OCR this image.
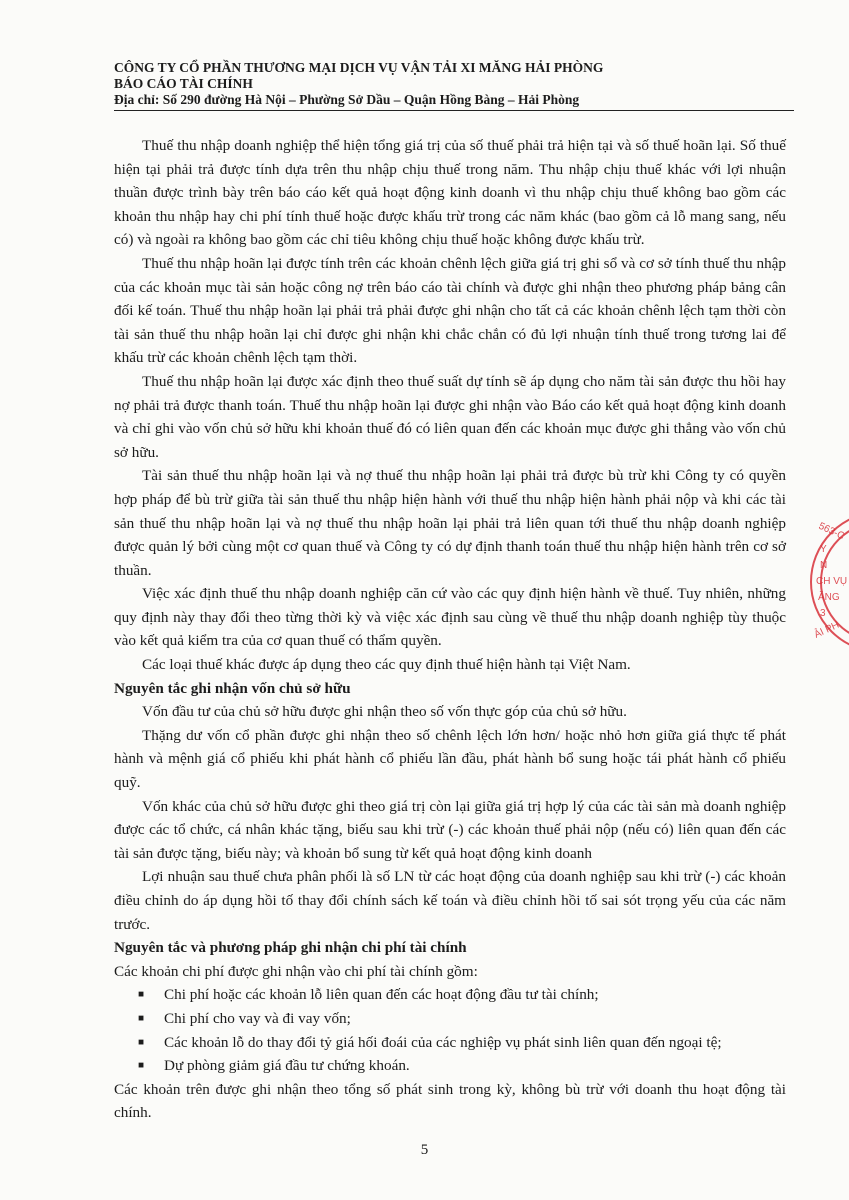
CÔNG TY CỔ PHẦN THƯƠNG MẠI DỊCH VỤ VẬN TẢI XI MĂNG HẢI PHÒNG
BÁO CÁO TÀI CHÍNH
Địa chỉ: Số 290 đường Hà Nội – Phường Sở Dầu – Quận Hồng Bàng – Hải Phòng

Thuế thu nhập doanh nghiệp thể hiện tổng giá trị của số thuế phải trả hiện tại và số thuế hoãn lại. Số thuế hiện tại phải trả được tính dựa trên thu nhập chịu thuế trong năm. Thu nhập chịu thuế khác với lợi nhuận thuần được trình bày trên báo cáo kết quả hoạt động kinh doanh vì thu nhập chịu thuế không bao gồm các khoản thu nhập hay chi phí tính thuế hoặc được khấu trừ trong các năm khác (bao gồm cả lỗ mang sang, nếu có) và ngoài ra không bao gồm các chỉ tiêu không chịu thuế hoặc không được khấu trừ.

Thuế thu nhập hoãn lại được tính trên các khoản chênh lệch giữa giá trị ghi sổ và cơ sở tính thuế thu nhập của các khoản mục tài sản hoặc công nợ trên báo cáo tài chính và được ghi nhận theo phương pháp bảng cân đối kế toán. Thuế thu nhập hoãn lại phải trả phải được ghi nhận cho tất cả các khoản chênh lệch tạm thời còn tài sản thuế thu nhập hoãn lại chỉ được ghi nhận khi chắc chắn có đủ lợi nhuận tính thuế trong tương lai để khấu trừ các khoản chênh lệch tạm thời.

Thuế thu nhập hoãn lại được xác định theo thuế suất dự tính sẽ áp dụng cho năm tài sản được thu hồi hay nợ phải trả được thanh toán. Thuế thu nhập hoãn lại được ghi nhận vào Báo cáo kết quả hoạt động kinh doanh và chỉ ghi vào vốn chủ sở hữu khi khoản thuế đó có liên quan đến các khoản mục được ghi thẳng vào vốn chủ sở hữu.

Tài sản thuế thu nhập hoãn lại và nợ thuế thu nhập hoãn lại phải trả được bù trừ khi Công ty có quyền hợp pháp để bù trừ giữa tài sản thuế thu nhập hiện hành với thuế thu nhập hiện hành phải nộp và khi các tài sản thuế thu nhập hoãn lại và nợ thuế thu nhập hoãn lại phải trả liên quan tới thuế thu nhập doanh nghiệp được quản lý bởi cùng một cơ quan thuế và Công ty có dự định thanh toán thuế thu nhập hiện hành trên cơ sở thuần.

Việc xác định thuế thu nhập doanh nghiệp căn cứ vào các quy định hiện hành về thuế. Tuy nhiên, những quy định này thay đổi theo từng thời kỳ và việc xác định sau cùng về thuế thu nhập doanh nghiệp tùy thuộc vào kết quả kiểm tra của cơ quan thuế có thẩm quyền.

Các loại thuế khác được áp dụng theo các quy định thuế hiện hành tại Việt Nam.

Nguyên tắc ghi nhận vốn chủ sở hữu

Vốn đầu tư của chủ sở hữu được ghi nhận theo số vốn thực góp của chủ sở hữu.

Thặng dư vốn cổ phần được ghi nhận theo số chênh lệch lớn hơn/ hoặc nhỏ hơn giữa giá thực tế phát hành và mệnh giá cổ phiếu khi phát hành cổ phiếu lần đầu, phát hành bổ sung hoặc tái phát hành cổ phiếu quỹ.

Vốn khác của chủ sở hữu được ghi theo giá trị còn lại giữa giá trị hợp lý của các tài sản mà doanh nghiệp được các tổ chức, cá nhân khác tặng, biếu sau khi trừ (-) các khoản thuế phải nộp (nếu có) liên quan đến các tài sản được tặng, biếu này; và khoản bổ sung từ kết quả hoạt động kinh doanh

Lợi nhuận sau thuế chưa phân phối là số LN từ các hoạt động của doanh nghiệp sau khi trừ (-) các khoản điều chỉnh do áp dụng hồi tố thay đổi chính sách kế toán và điều chỉnh hồi tố sai sót trọng yếu của các năm trước.

Nguyên tắc và phương pháp ghi nhận chi phí tài chính

Các khoản chi phí được ghi nhận vào chi phí tài chính gồm:

■ Chi phí hoặc các khoản lỗ liên quan đến các hoạt động đầu tư tài chính;
■ Chi phí cho vay và đi vay vốn;
■ Các khoản lỗ do thay đổi tỷ giá hối đoái của các nghiệp vụ phát sinh liên quan đến ngoại tệ;
■ Dự phòng giảm giá đầu tư chứng khoán.

Các khoản trên được ghi nhận theo tổng số phát sinh trong kỳ, không bù trừ với doanh thu hoạt động tài chính.

5
563-C
Y
N
CH VỤ
ĂNG
3
ẢI PH
